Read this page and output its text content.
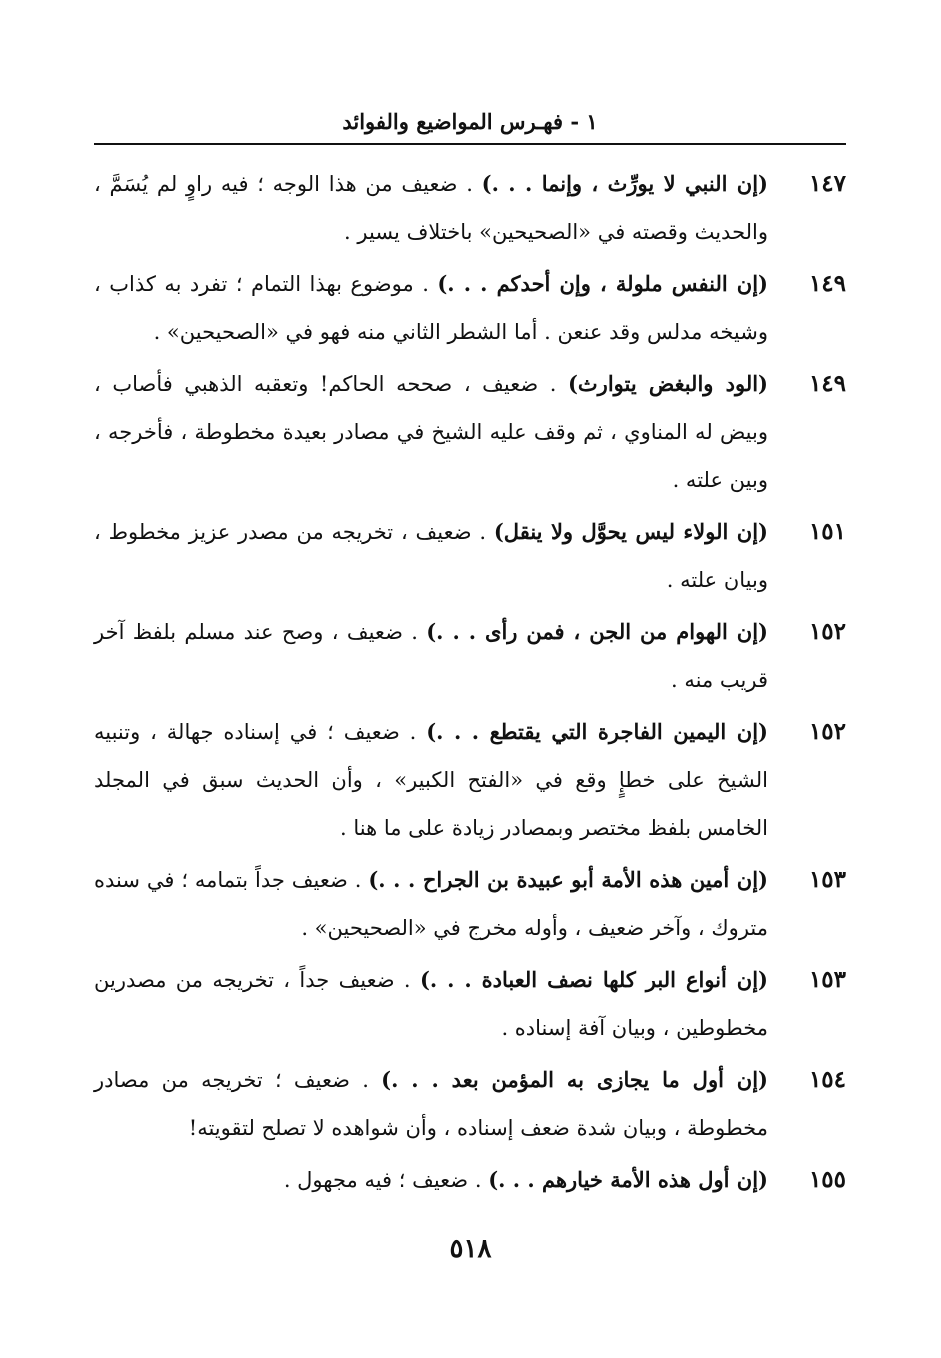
١ - فهـرس المواضيع والفوائد
١٤٧
(إن النبي لا يورِّث ، وإنما . . .) . ضعيف من هذا الوجه ؛ فيه راوٍ لم يُسَمَّ ، والحديث وقصته في «الصحيحين» باختلاف يسير .
١٤٩
(إن النفس ملولة ، وإن أحدكم . . .) . موضوع بهذا التمام ؛ تفرد به كذاب ، وشيخه مدلس وقد عنعن . أما الشطر الثاني منه فهو في «الصحيحين» .
١٤٩
(الود والبغض يتوارث) . ضعيف ، صححه الحاكم! وتعقبه الذهبي فأصاب ، وبيض له المناوي ، ثم وقف عليه الشيخ في مصادر بعيدة مخطوطة ، فأخرجه ، وبين علته .
١٥١
(إن الولاء ليس يحوَّل ولا ينقل) . ضعيف ، تخريجه من مصدر عزيز مخطوط ، وبيان علته .
١٥٢
(إن الهوام من الجن ، فمن رأى . . .) . ضعيف ، وصح عند مسلم بلفظ آخر قريب منه .
١٥٢
(إن اليمين الفاجرة التي يقتطع . . .) . ضعيف ؛ في إسناده جهالة ، وتنبيه الشيخ على خطإٍ وقع في «الفتح الكبير» ، وأن الحديث سبق في المجلد الخامس بلفظ مختصر وبمصادر زيادة على ما هنا .
١٥٣
(إن أمين هذه الأمة أبو عبيدة بن الجراح . . .) . ضعيف جداً بتمامه ؛ في سنده متروك ، وآخر ضعيف ، وأوله مخرج في «الصحيحين» .
١٥٣
(إن أنواع البر كلها نصف العبادة . . .) . ضعيف جداً ، تخريجه من مصدرين مخطوطين ، وبيان آفة إسناده .
١٥٤
(إن أول ما يجازى به المؤمن بعد . . .) . ضعيف ؛ تخريجه من مصادر مخطوطة ، وبيان شدة ضعف إسناده ، وأن شواهده لا تصلح لتقويته!
١٥٥
(إن أول هذه الأمة خيارهم . . .) . ضعيف ؛ فيه مجهول .
٥١٨
